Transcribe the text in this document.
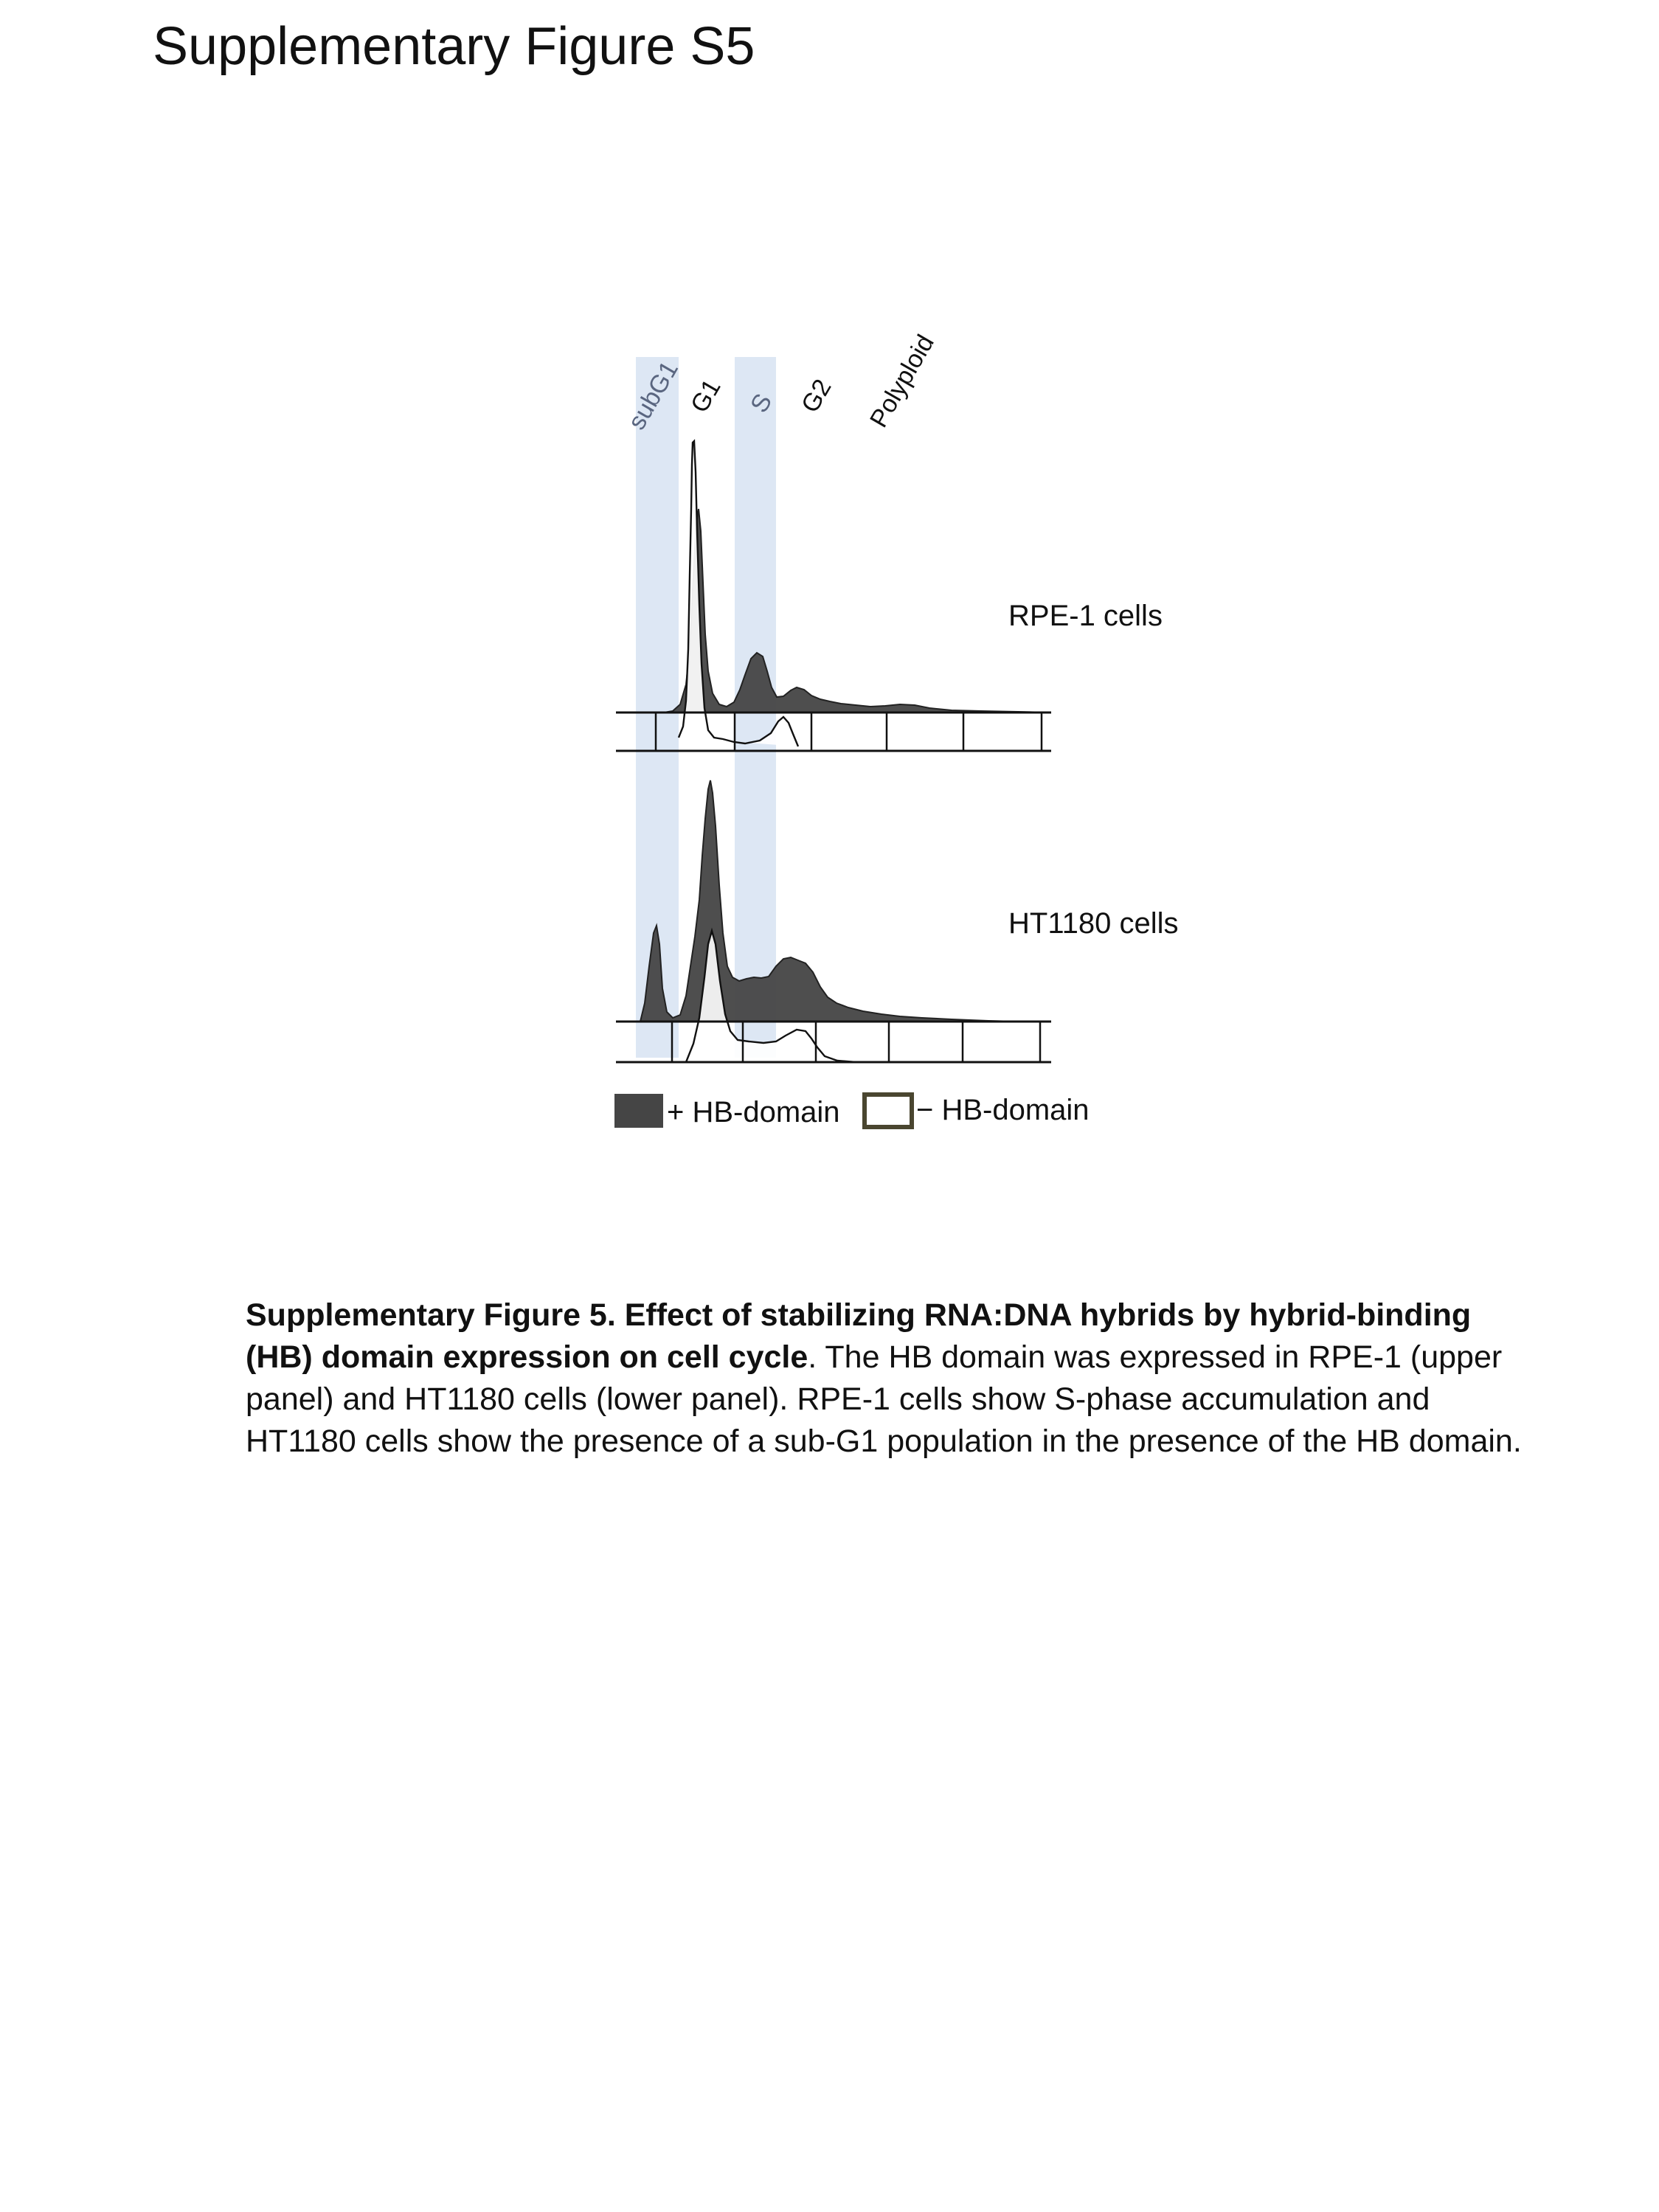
Supplementary Figure S5
subG1 G1 S G2 Polyploid
RPE-1 cells
HT1180 cells
+ HB-domain	− HB-domain

Supplementary Figure 5. Effect of stabilizing RNA:DNA hybrids by hybrid-binding (HB) domain expression on cell cycle. The HB domain was expressed in RPE-1 (upper panel) and HT1180 cells (lower panel). RPE-1 cells show S-phase accumulation and HT1180 cells show the presence of a sub-G1 population in the presence of the HB domain.
